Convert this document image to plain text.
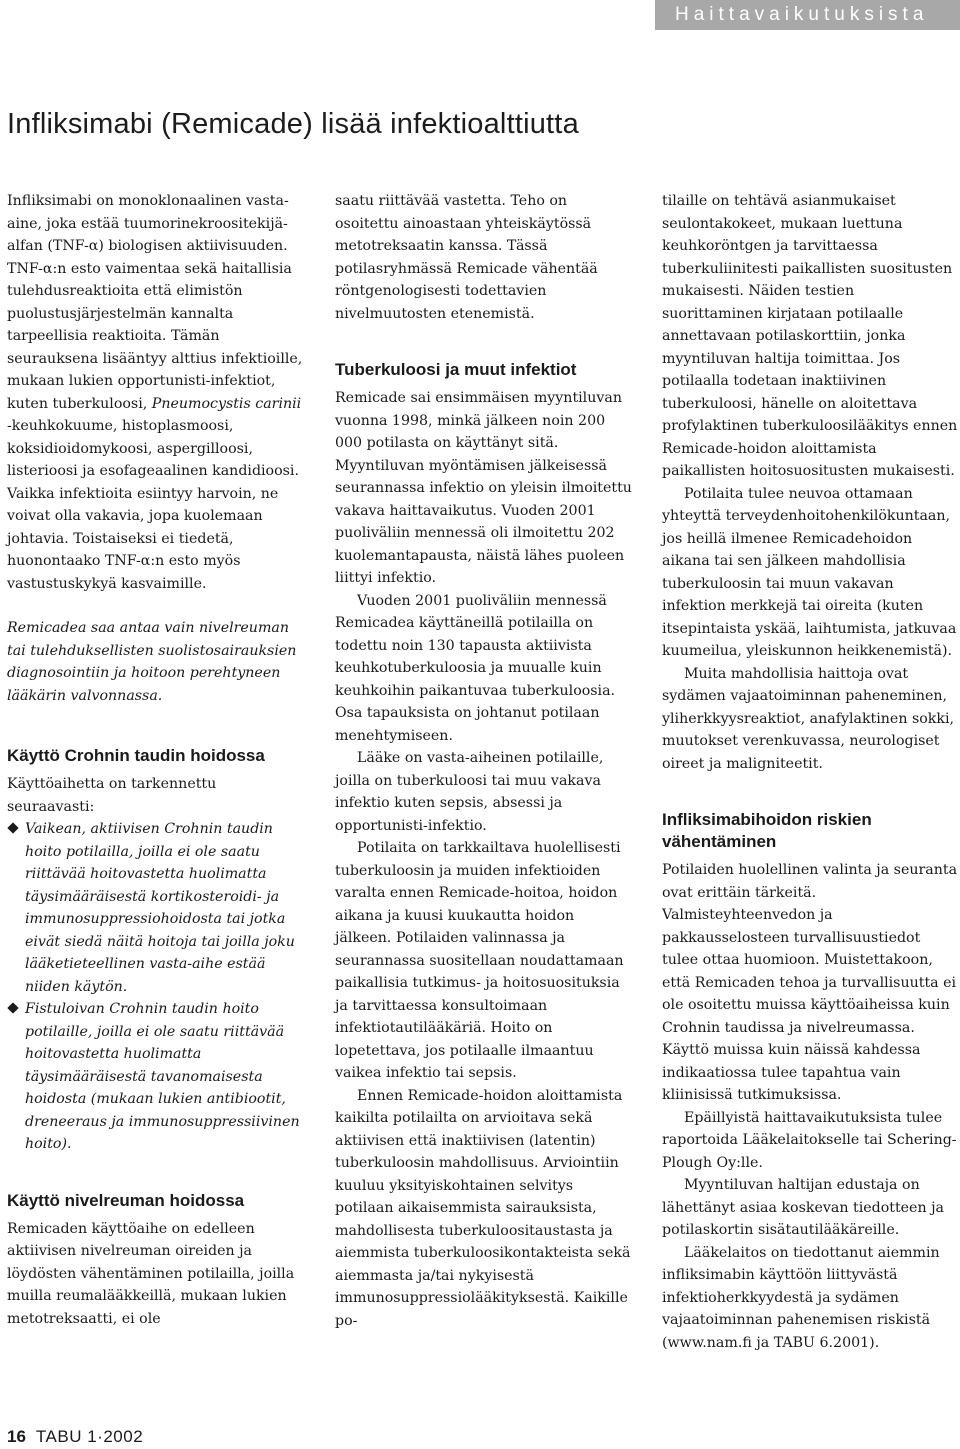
Haittavaikutuksista
Infliksimabi (Remicade) lisää infektioalttiutta

Infliksimabi on monoklonaalinen vasta-aine, joka estää tuumorinekroositekijä-alfan (TNF-α) biologisen aktiivisuuden. TNF-α:n esto vaimentaa sekä haitallisia tulehdusreaktioita että elimistön puolustusjärjestelmän kannalta tarpeellisia reaktioita. Tämän seurauksena lisääntyy alttius infektioille, mukaan lukien opportunisti-infektiot, kuten tuberkuloosi, Pneumocystis carinii -keuhkokuume, histoplasmoosi, koksidioidomykoosi, aspergilloosi, listerioosi ja esofageaalinen kandidioosi. Vaikka infektioita esiintyy harvoin, ne voivat olla vakavia, jopa kuolemaan johtavia. Toistaiseksi ei tiedetä, huonontaako TNF-α:n esto myös vastustuskykyä kasvaimille.

Remicadea saa antaa vain nivelreuman tai tulehduksellisten suolistosairauksien diagnosointiin ja hoitoon perehtyneen lääkärin valvonnassa.

Käyttö Crohnin taudin hoidossa

Käyttöaihetta on tarkennettu seuraavasti:

Vaikean, aktiivisen Crohnin taudin hoito potilailla, joilla ei ole saatu riittävää hoitovastetta huolimatta täysimääräisestä kortikosteroidi- ja immunosuppressiohoidosta tai jotka eivät siedä näitä hoitoja tai joilla joku lääketieteellinen vasta-aihe estää niiden käytön.
Fistuloivan Crohnin taudin hoito potilaille, joilla ei ole saatu riittävää hoitovastetta huolimatta täysimääräisestä tavanomaisesta hoidosta (mukaan lukien antibiootit, dreneeraus ja immunosuppressiivinen hoito).
Käyttö nivelreuman hoidossa

Remicaden käyttöaihe on edelleen aktiivisen nivelreuman oireiden ja löydösten vähentäminen potilailla, joilla muilla reumalääkkeillä, mukaan lukien metotreksaatti, ei ole

saatu riittävää vastetta. Teho on osoitettu ainoastaan yhteiskäytössä metotreksaatin kanssa. Tässä potilasryhmässä Remicade vähentää röntgenologisesti todettavien nivelmuutosten etenemistä.

Tuberkuloosi ja muut infektiot

Remicade sai ensimmäisen myyntiluvan vuonna 1998, minkä jälkeen noin 200 000 potilasta on käyttänyt sitä. Myyntiluvan myöntämisen jälkeisessä seurannassa infektio on yleisin ilmoitettu vakava haittavaikutus. Vuoden 2001 puoliväliin mennessä oli ilmoitettu 202 kuolemantapausta, näistä lähes puoleen liittyi infektio.

Vuoden 2001 puoliväliin mennessä Remicadea käyttäneillä potilailla on todettu noin 130 tapausta aktiivista keuhkotuberkuloosia ja muualle kuin keuhkoihin paikantuvaa tuberkuloosia. Osa tapauksista on johtanut potilaan menehtymiseen.

Lääke on vasta-aiheinen potilaille, joilla on tuberkuloosi tai muu vakava infektio kuten sepsis, absessi ja opportunisti-infektio.

Potilaita on tarkkailtava huolellisesti tuberkuloosin ja muiden infektioiden varalta ennen Remicade-hoitoa, hoidon aikana ja kuusi kuukautta hoidon jälkeen. Potilaiden valinnassa ja seurannassa suositellaan noudattamaan paikallisia tutkimus- ja hoitosuosituksia ja tarvittaessa konsultoimaan infektiotautilääkäriä. Hoito on lopetettava, jos potilaalle ilmaantuu vaikea infektio tai sepsis.

Ennen Remicade-hoidon aloittamista kaikilta potilailta on arvioitava sekä aktiivisen että inaktiivisen (latentin) tuberkuloosin mahdollisuus. Arviointiin kuuluu yksityiskohtainen selvitys potilaan aikaisemmista sairauksista, mahdollisesta tuberkuloositaustasta ja aiemmista tuberkuloosikontakteista sekä aiemmasta ja/tai nykyisestä immunosuppressiolääkityksestä. Kaikille po-

tilaille on tehtävä asianmukaiset seulontakokeet, mukaan luettuna keuhkoröntgen ja tarvittaessa tuberkuliinitesti paikallisten suositusten mukaisesti. Näiden testien suorittaminen kirjataan potilaalle annettavaan potilaskorttiin, jonka myyntiluvan haltija toimittaa. Jos potilaalla todetaan inaktiivinen tuberkuloosi, hänelle on aloitettava profylaktinen tuberkuloosilääkitys ennen Remicade-hoidon aloittamista paikallisten hoitosuositusten mukaisesti.

Potilaita tulee neuvoa ottamaan yhteyttä terveydenhoitohenkilökuntaan, jos heillä ilmenee Remicadehoidon aikana tai sen jälkeen mahdollisia tuberkuloosin tai muun vakavan infektion merkkejä tai oireita (kuten itsepintaista yskää, laihtumista, jatkuvaa kuumeilua, yleiskunnon heikkenemistä).

Muita mahdollisia haittoja ovat sydämen vajaatoiminnan paheneminen, yliherkkyysreaktiot, anafylaktinen sokki, muutokset verenkuvassa, neurologiset oireet ja maligniteetit.

Infliksimabihoidon riskien vähentäminen

Potilaiden huolellinen valinta ja seuranta ovat erittäin tärkeitä. Valmisteyhteenvedon ja pakkausselosteen turvallisuustiedot tulee ottaa huomioon. Muistettakoon, että Remicaden tehoa ja turvallisuutta ei ole osoitettu muissa käyttöaiheissa kuin Crohnin taudissa ja nivelreumassa. Käyttö muissa kuin näissä kahdessa indikaatiossa tulee tapahtua vain kliinisissä tutkimuksissa.

Epäillyistä haittavaikutuksista tulee raportoida Lääkelaitokselle tai Schering-Plough Oy:lle.

Myyntiluvan haltijan edustaja on lähettänyt asiaa koskevan tiedotteen ja potilaskortin sisätautilääkäreille.

Lääkelaitos on tiedottanut aiemmin infliksimabin käyttöön liittyvästä infektioherkkyydestä ja sydämen vajaatoiminnan pahenemisen riskistä (www.nam.fi ja TABU 6.2001).

16 TABU 1·2002
